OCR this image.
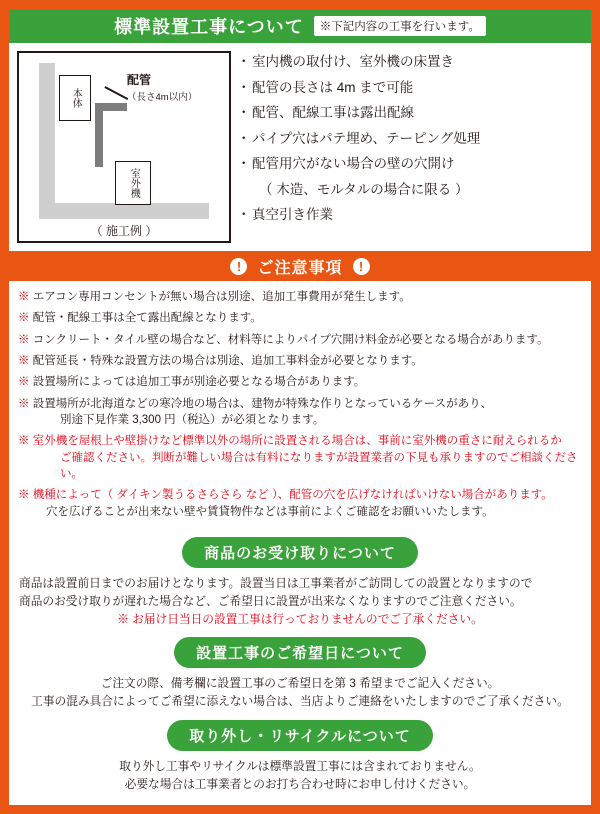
標準設置工事について	※下記内容の工事を行います。
本体
室外機
配管
（長さ4m以内）
（ 施工例 ）
・ 室内機の取付け、室外機の床置き
・ 配管の長さは 4m まで可能
・ 配管、配線工事は露出配線
・ パイプ穴はパテ埋め、テーピング処理
・ 配管用穴がない場合の壁の穴開け
（ 木造、モルタルの場合に限る ）
・ 真空引き作業
!	ご注意事項	!
※ エアコン専用コンセントが無い場合は別途、追加工事費用が発生します。
※ 配管・配線工事は全て露出配線となります。
※ コンクリート・タイル壁の場合など、材料等によりパイプ穴開け料金が必要となる場合があります。
※ 配管延長・特殊な設置方法の場合は別途、追加工事料金が必要となります。
※ 設置場所によっては追加工事が別途必要となる場合があります。
※ 設置場所が北海道などの寒冷地の場合は、建物が特殊な作りとなっているケースがあり、
別途下見作業 3,300 円（税込）が必須となります。
※ 室外機を屋根上や壁掛けなど標準以外の場所に設置される場合は、事前に室外機の重さに耐えられるか
ご確認ください。判断が難しい場合は有料になりますが設置業者の下見も承りますのでご相談ください。
※ 機種によって（ ダイキン製うるさらさら など ）、配管の穴を広げなければいけない場合があります。
穴を広げることが出来ない壁や賃貸物件などは事前によくご確認をお願いいたします。
商品のお受け取りについて

商品は設置前日までのお届けとなります。設置当日は工事業者がご訪問しての設置となりますので

商品のお受け取りが遅れた場合など、ご希望日に設置が出来なくなりますのでご注意ください。

※ お届け日当日の設置工事は行っておりませんのでご了承ください。

設置工事のご希望日について

ご注文の際、備考欄に設置工事のご希望日を第 3 希望までご記入ください。

工事の混み具合によってご希望に添えない場合は、当店よりご連絡をいたしますのでご了承ください。

取り外し・リサイクルについて

取り外し工事やリサイクルは標準設置工事には含まれておりません。

必要な場合は工事業者とのお打ち合わせ時にお申し付けください。
